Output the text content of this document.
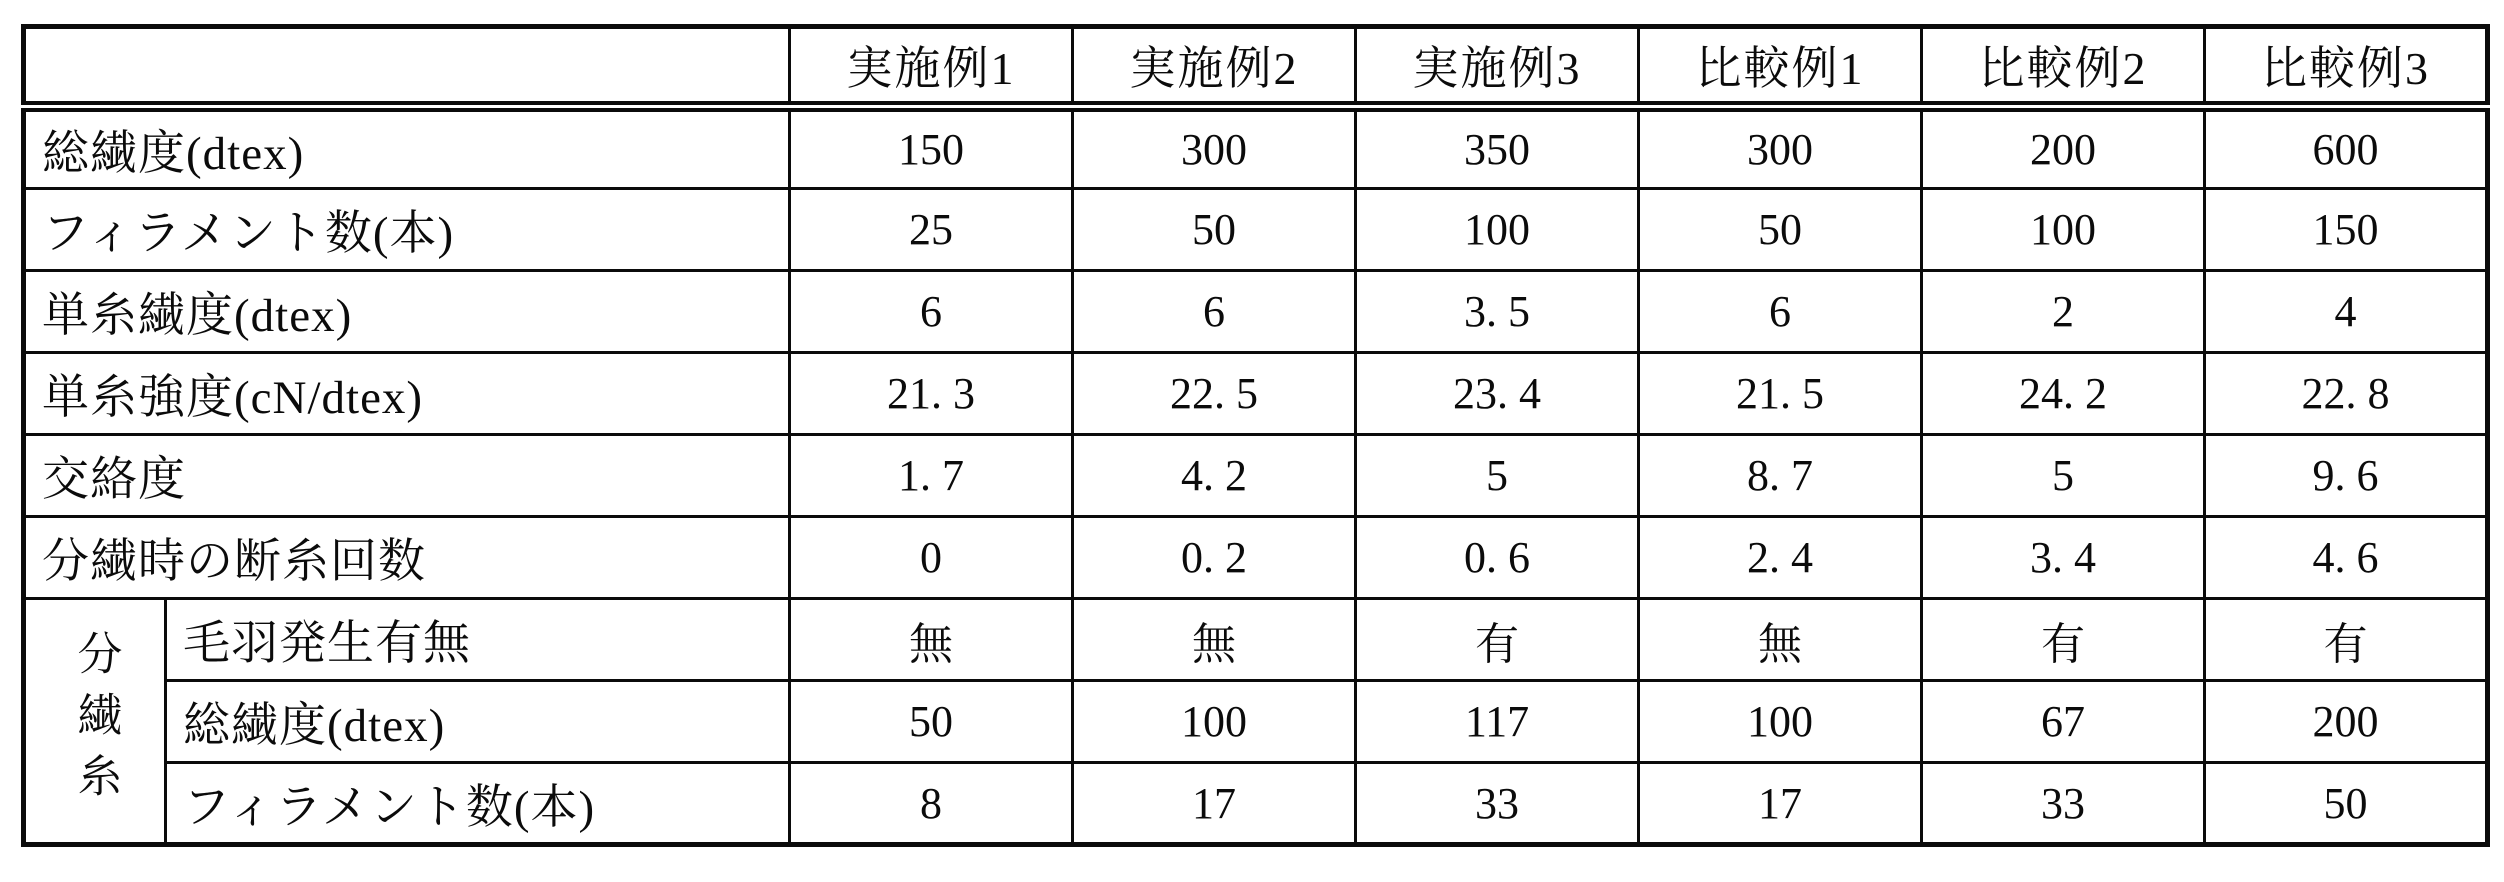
		実施例1	実施例2	実施例3	比較例1	比較例2	比較例3
総繊度(dtex)		150	300	350	300	200	600
フィラメント数(本)		25	50	100	50	100	150
単糸繊度(dtex)		6	6	3. 5	6	2	4
単糸強度(cN/dtex)		21. 3	22. 5	23. 4	21. 5	24. 2	22. 8
交絡度		1. 7	4. 2	5	8. 7	5	9. 6
分繊時の断糸回数		0	0. 2	0. 6	2. 4	3. 4	4. 6

分繊糸	毛羽発生有無	無	無	有	無	有	有
	総繊度(dtex)	50	100	117	100	67	200
	フィラメント数(本)	8	17	33	17	33	50
